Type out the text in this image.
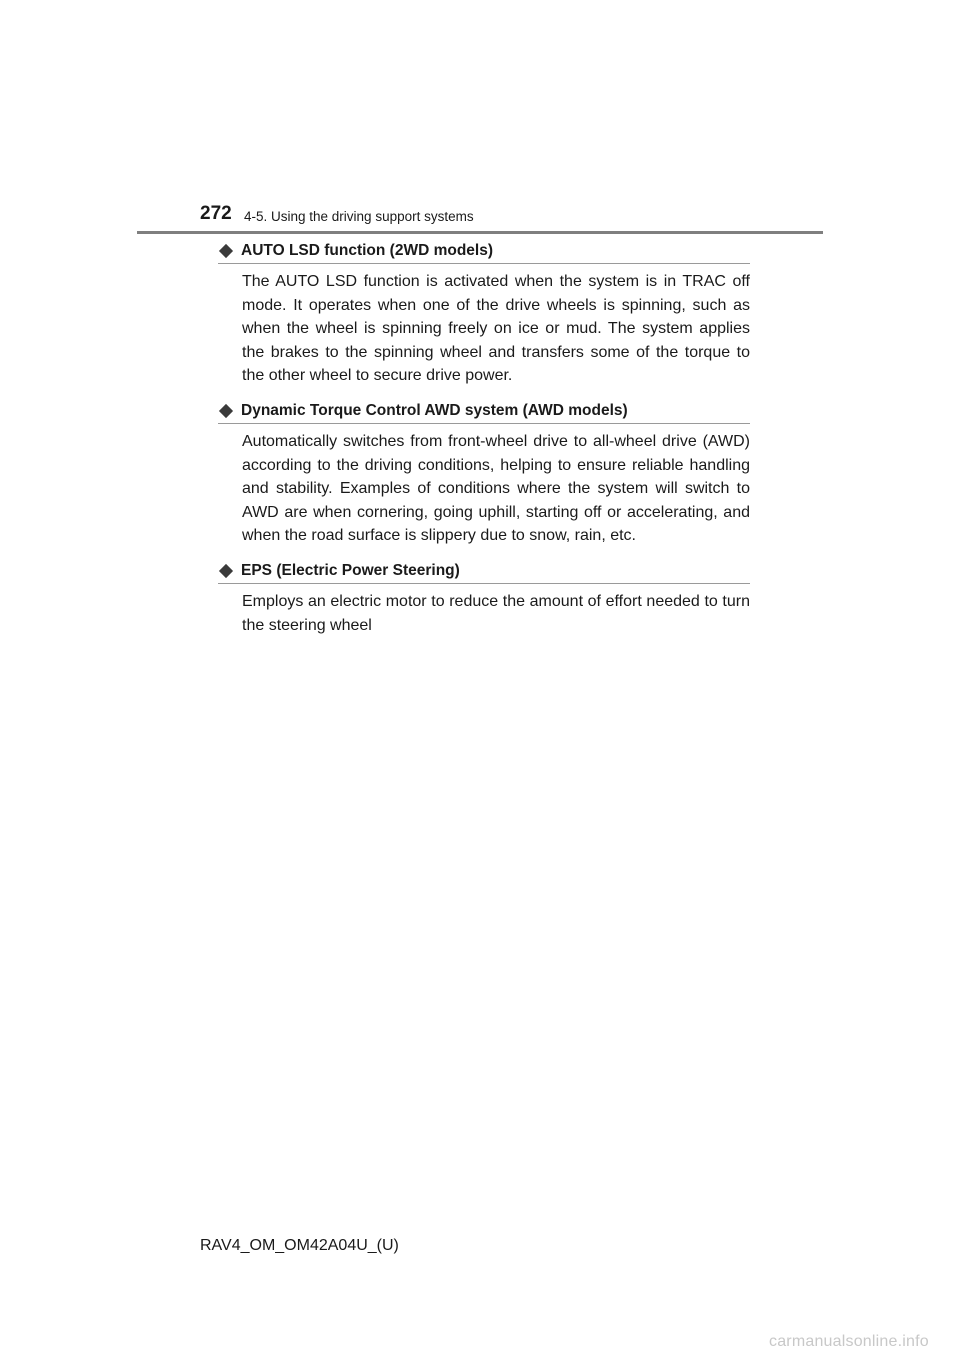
272 4-5. Using the driving support systems
AUTO LSD function (2WD models)
The AUTO LSD function is activated when the system is in TRAC off mode. It operates when one of the drive wheels is spinning, such as when the wheel is spinning freely on ice or mud. The system applies the brakes to the spinning wheel and transfers some of the torque to the other wheel to secure drive power.
Dynamic Torque Control AWD system (AWD models)
Automatically switches from front-wheel drive to all-wheel drive (AWD) according to the driving conditions, helping to ensure reliable handling and stability. Examples of conditions where the system will switch to AWD are when cornering, going uphill, starting off or accelerating, and when the road surface is slippery due to snow, rain, etc.
EPS (Electric Power Steering)
Employs an electric motor to reduce the amount of effort needed to turn the steering wheel
RAV4_OM_OM42A04U_(U)
carmanualsonline.info
